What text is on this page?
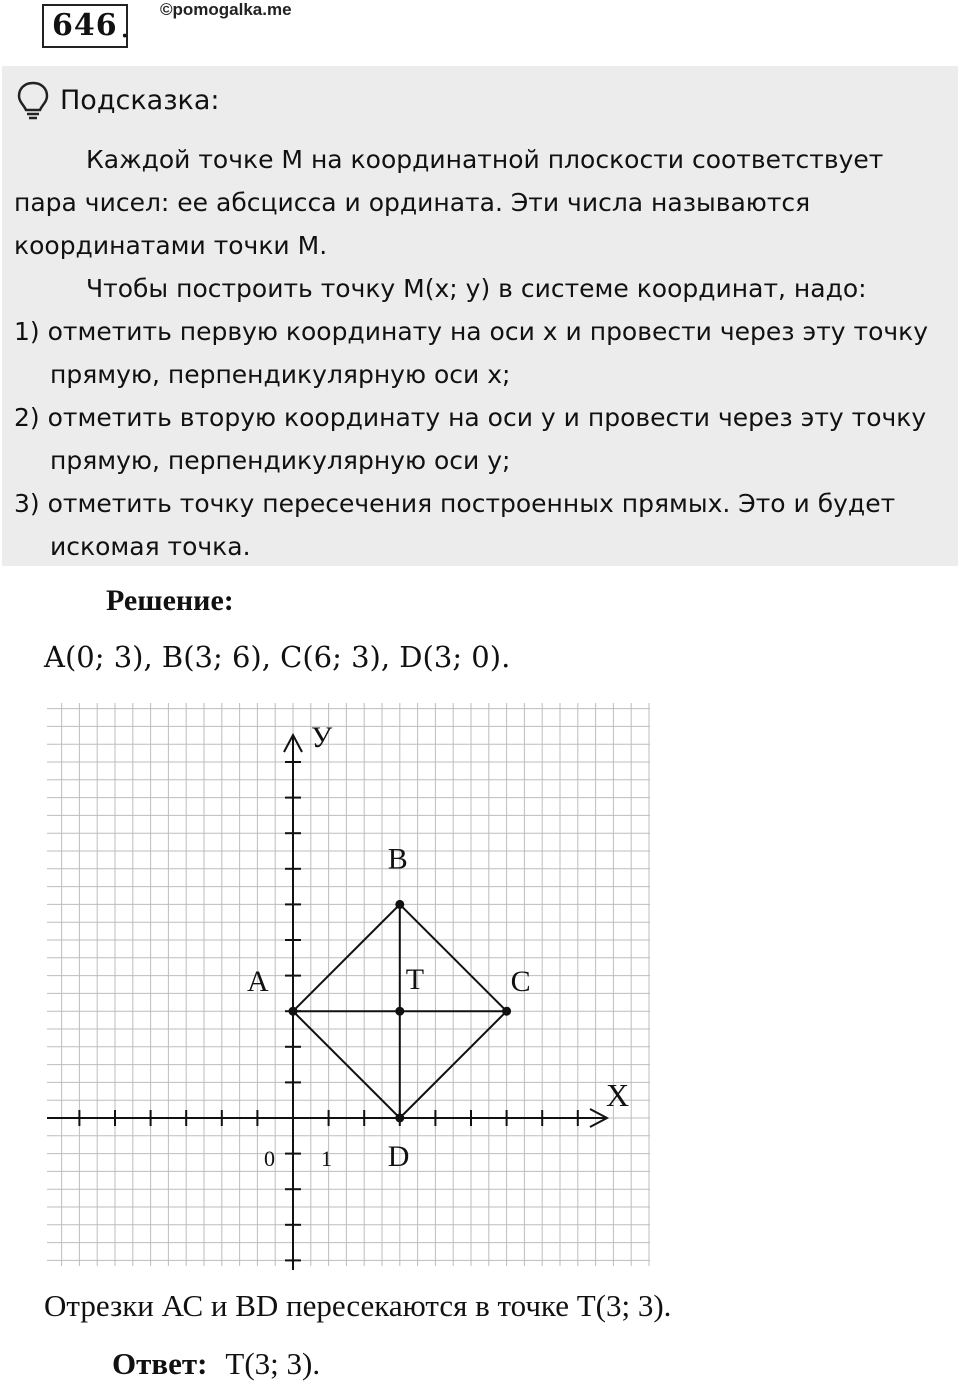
646 .
©pomogalka.me
Подсказка:

Каждой точке М на координатной плоскости соответствует пара чисел: ее абсцисса и ордината. Эти числа называются координатами точки М.

Чтобы построить точку М(x; y) в системе координат, надо:

1) отметить первую координату на оси x и провести через эту точку прямую, перпендикулярную оси x;

2) отметить вторую координату на оси y и провести через эту точку прямую, перпендикулярную оси y;

3) отметить точку пересечения построенных прямых. Это и будет искомая точка.

Решение:
A(0; 3), B(3; 6), C(6; 3), D(3; 0).
A
B
C
D
T
X
У
0 1
Отрезки АС и BD пересекаются в точке T(3; 3).
Ответ: T(3; 3).
